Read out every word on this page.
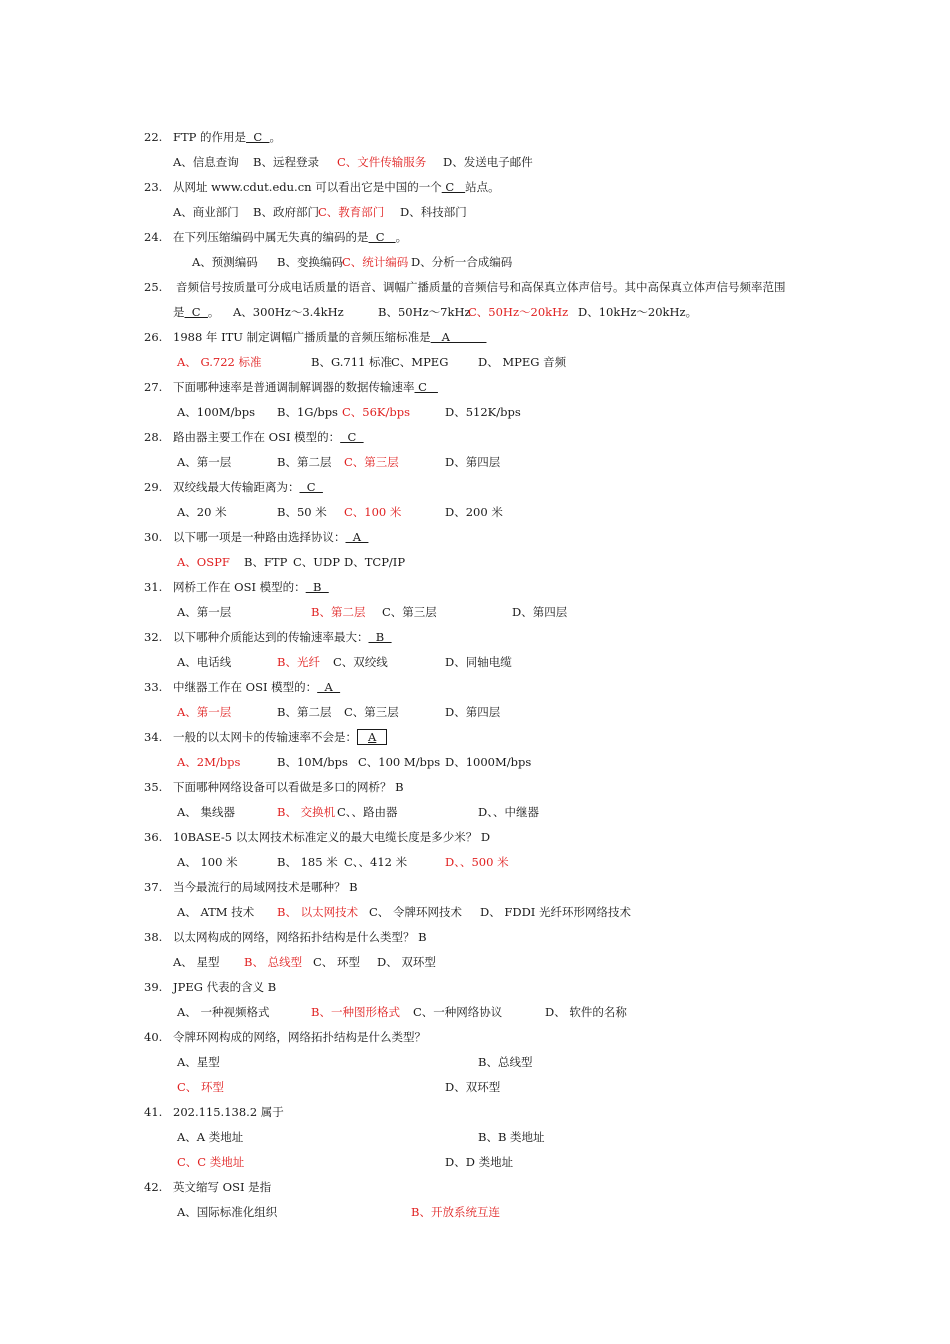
22. FTP 的作用是  C  。
A、信息查询 B、远程登录 C、文件传输服务 D、发送电子邮件
23. 从网址 www.cdut.edu.cn 可以看出它是中国的一个 C   站点。
A、商业部门 B、政府部门 C、教育部门 D、科技部门
24. 在下列压缩编码中属无失真的编码的是  C   。
A、预测编码 B、变换编码 C、统计编码 D、分析一合成编码
25. 音频信号按质量可分成电话质量的语音、调幅广播质量的音频信号和高保真立体声信号。其中高保真立体声信号频率范围
是  C  。 A、300Hz～3.4kHz	B、50Hz～7kHz
C、50Hz～20kHz D、10kHz～20kHz。
26. 1988 年 ITU 制定调幅广播质量的音频压缩标准是   A
A、 G.722 标准	B、G.711 标准 C、MPEG	D、 MPEG 音频
27. 下面哪种速率是普通调制解调器的数据传输速率 C
A、100M/bps B、1G/bps C、56K/bps	D、512K/bps
28. 路由器主要工作在 OSI 模型的：  C
A、第一层	B、第二层 C、第三层	D、第四层
29. 双绞线最大传输距离为：  C
A、20 米	B、50 米 C、100 米	D、200 米
30. 以下哪一项是一种路由选择协议：  A
A、OSPF B、FTP C、UDP D、TCP/IP
31. 网桥工作在 OSI 模型的：  B
A、第一层	B、第二层 C、第三层	D、第四层
32. 以下哪种介质能达到的传输速率最大：  B
A、电话线	B、光纤 C、双绞线	D、同轴电缆
33. 中继器工作在 OSI 模型的：  A
A、第一层	B、第二层 C、第三层	D、第四层
34. 一般的以太网卡的传输速率不会是： A
A、2M/bps	B、10M/bps C、100 M/bps D、1000M/bps
35. 下面哪种网络设备可以看做是多口的网桥？ B
A、 集线器	B、 交换机 C、、路由器	D、、中继器
36. 10BASE-5 以太网技术标准定义的最大电缆长度是多少米？ D
A、 100 米	B、 185 米 C、、412 米	D、、500 米
37. 当今最流行的局域网技术是哪种？ B
A、 ATM 技术 B、 以太网技术 C、 令牌环网技术 D、 FDDI 光纤环形网络技术
38. 以太网构成的网络，网络拓扑结构是什么类型？ B
A、 星型 B、 总线型 C、 环型 D、 双环型
39. JPEG 代表的含义 B
A、 一种视频格式	B、一种图形格式 C、一种网络协议	D、 软件的名称
40. 令牌环网构成的网络，网络拓扑结构是什么类型？
A、星型	B、总线型
C、 环型	D、双环型
41. 202.115.138.2 属于
A、A 类地址	B、B 类地址
C、C 类地址	D、D 类地址
42. 英文缩写 OSI 是指
A、国际标准化组织	B、开放系统互连
